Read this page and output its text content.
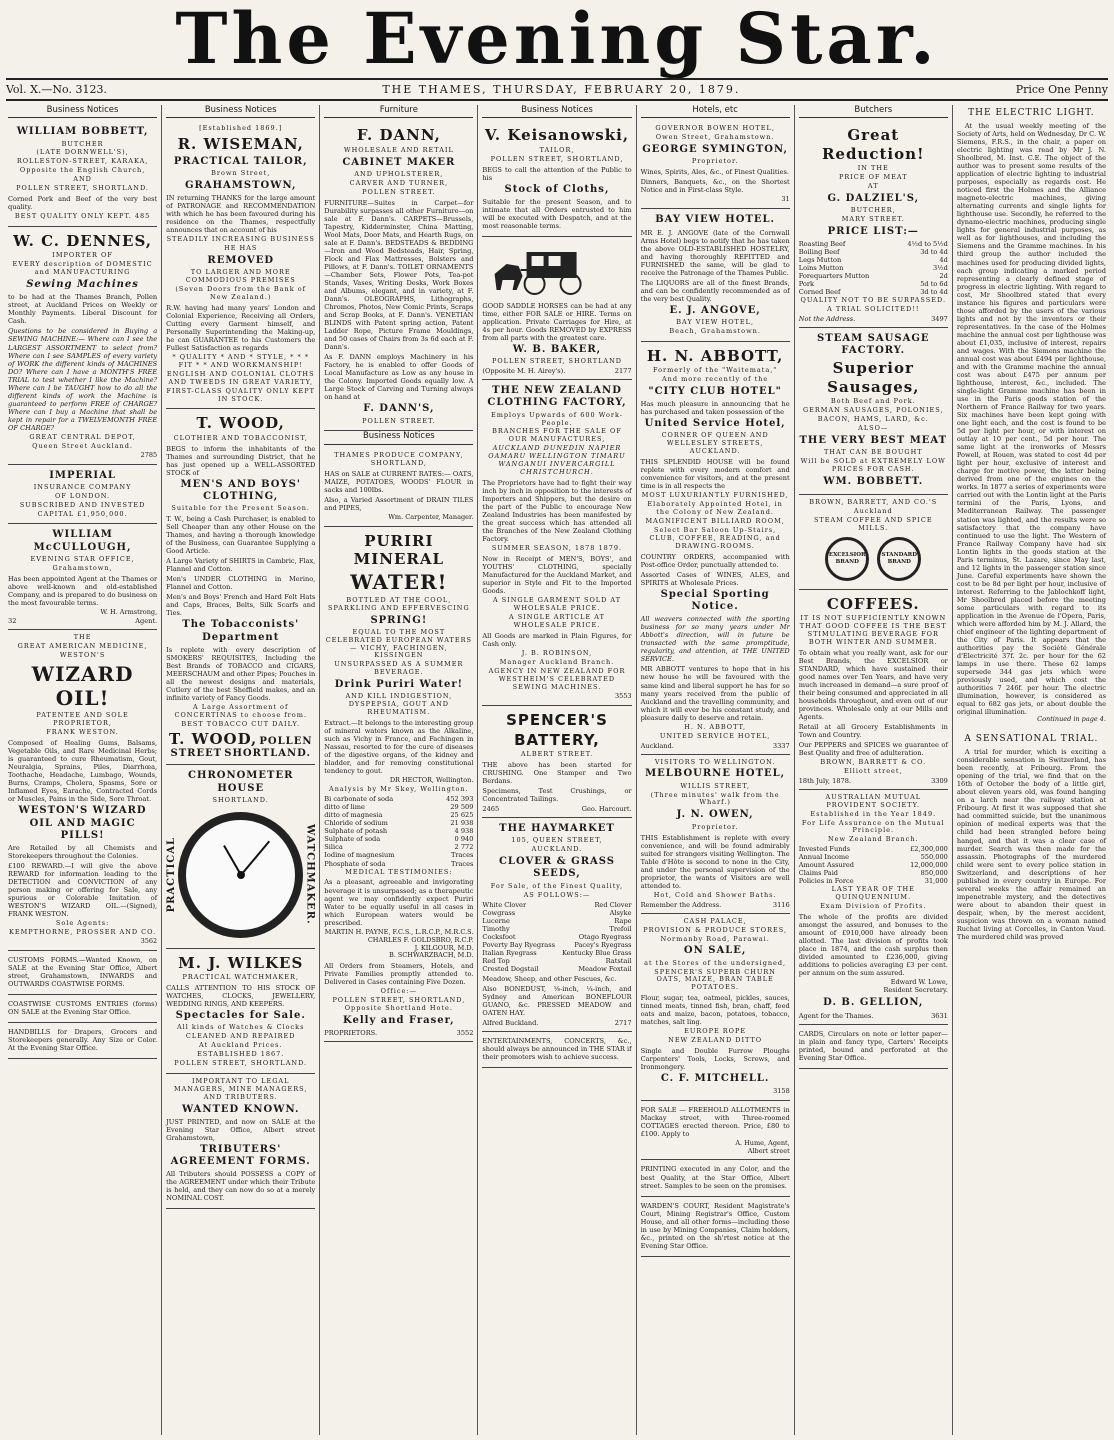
The Evening Star.
Vol. X.—No. 3123.	THE THAMES, THURSDAY, FEBRUARY 20, 1879.	Price One Penny
Business Notices
WILLIAM BOBBETT,
BUTCHER
(LATE DORNWELL'S),
ROLLESTON-STREET, KARAKA,
Opposite the English Church,
AND
POLLEN STREET, SHORTLAND.
Corned Pork and Beef of the very best quality.
BEST QUALITY ONLY KEPT. 485
W. C. DENNES,
IMPORTER OF
EVERY description of DOMESTIC and MANUFACTURING
Sewing Machines
to be had at the Thames Branch, Pollen street, at Auckland Prices on Weekly or Monthly Payments. Liberal Discount for Cash.
Questions to be considered in Buying a SEWING MACHINE:— Where can I see the LARGEST ASSORTMENT to select from? Where can I see SAMPLES of every variety of WORK the different kinds of MACHINES DO? Where can I have a MONTH'S FREE TRIAL to test whether I like the Machine? Where can I be TAUGHT how to do all the different kinds of work the Machine is guaranteed to perform FREE of CHARGE? Where can I buy a Machine that shall be kept in repair for a TWELVEMONTH FREE OF CHARGE?
GREAT CENTRAL DEPOT,
Queen Street Auckland.
2785
IMPERIAL
INSURANCE COMPANY
OF LONDON.
SUBSCRIBED AND INVESTED
CAPITAL £1,950,000.
WILLIAM McCULLOUGH,
EVENING STAR OFFICE,
Grahamstown,
Has been appointed Agent at the Thames or above well-known and old-established Company, and is prepared to do business on the most favourable terms.
W. H. Armstrong,
32	Agent.
THE
GREAT AMERICAN MEDICINE,
WESTON'S
WIZARD OIL!
PATENTEE AND SOLE PROPRIETOR,
FRANK WESTON.
Composed of Healing Gums, Balsams, Vegetable Oils, and Rare Medicinal Herbs; is guaranteed to cure Rheumatism, Gout, Neuralgia, Sprains, Piles, Diarrhœa, Toothache, Headache, Lumbago, Wounds, Burns, Cramps, Cholera, Spasms, Sore or Inflamed Eyes, Earache, Contracted Cords or Muscles, Pains in the Side, Sore Throat.
WESTON'S WIZARD OIL AND MAGIC PILLS!
Are Retailed by all Chemists and Storekeepers throughout the Colonies.
£100 REWARD.—I will give the above REWARD for information leading to the DETECTION and CONVICTION of any person making or offering for Sale, any spurious or Colorable Imitation of WESTON'S WIZARD OIL.—(Signed), FRANK WESTON.
Sole Agents:
KEMPTHORNE, PROSSER AND CO.
3562
CUSTOMS FORMS.—Wanted Known, on SALE at the Evening Star Office, Albert street, Grahamstown, INWARDS and OUTWARDS COASTWISE FORMS.
COASTWISE CUSTOMS ENTRIES (forms) ON SALE at the Evening Star Office.
HANDBILLS for Drapers, Grocers and Storekeepers generally. Any Size or Color. At the Evening Star Office.
Business Notices
[Established 1869.]
R. WISEMAN,
PRACTICAL TAILOR,
Brown Street,
GRAHAMSTOWN,
IN returning THANKS for the large amount of PATRONAGE and RECOMMENDATION with which he has been favoured during his residence on the Thames, respectfully announces that on account of his
STEADILY INCREASING BUSINESS
HE HAS
REMOVED
TO LARGER AND MORE COMMODIOUS PREMISES
(Seven Doors from the Bank of New Zealand.)
R.W. having had many years' London and Colonial Experience, Receiving all Orders, Cutting every Garment himself, and Personally Superintending the Making-up, he can GUARANTEE to his Customers the Fullest Satisfaction as regards
* QUALITY * AND * STYLE, * * * FIT * * AND WORKMANSHIP!
ENGLISH AND COLONIAL CLOTHS AND TWEEDS IN GREAT VARIETY,
FIRST-CLASS QUALITY ONLY KEPT IN STOCK.
T. WOOD,
CLOTHIER AND TOBACCONIST,
BEGS to inform the inhabitants of the Thames and surrounding District, that he has just opened up a WELL-ASSORTED STOCK of
MEN'S AND BOYS' CLOTHING,
Suitable for the Present Season.
T. W., being a Cash Purchaser, is enabled to Sell Cheaper than any other House on the Thames, and having a thorough knowledge of the Business, can Guarantee Supplying a Good Article.
A Large Variety of SHIRTS in Cambric, Flax, Flannel and Cotton.
Men's UNDER CLOTHING in Merino, Flannel and Cotton.
Men's and Boys' French and Hard Felt Hats and Caps, Braces, Belts, Silk Scarfs and Ties.
The Tobacconists' Department
Is replete with every description of SMOKERS' REQUISITES, Including the Best Brands of TOBACCO and CIGARS, MEERSCHAUM and other Pipes; Pouches in all the newest designs and materials, Cutlery of the best Sheffield makes, and an infinite variety of Fancy Goods.
A Large Assortment of CONCERTINAS to choose from.
BEST TOBACCO CUT DAILY.
T. WOOD, POLLEN STREET SHORTLAND.
CHRONOMETER HOUSE
SHORTLAND.
PRACTICAL	WATCHMAKER.
M. J. WILKES
PRACTICAL WATCHMAKER,
CALLS ATTENTION TO HIS STOCK OF WATCHES, CLOCKS, JEWELLERY, WEDDING RINGS, AND KEEPERS.
Spectacles for Sale.
All kinds of Watches & Clocks
CLEANED AND REPAIRED
At Auckland Prices.
ESTABLISHED 1867.
POLLEN STREET, SHORTLAND.
IMPORTANT TO LEGAL MANAGERS, MINE MANAGERS, AND TRIBUTERS.
WANTED KNOWN.
JUST PRINTED, and now on SALE at the Evening Star Office, Albert street Grahamstown,
TRIBUTERS' AGREEMENT FORMS.
All Tributers should POSSESS a COPY of the AGREEMENT under which their Tribute is held, and they can now do so at a merely NOMINAL COST.
Furniture
F. DANN,
WHOLESALE AND RETAIL
CABINET MAKER
AND UPHOLSTERER,
CARVER AND TURNER,
POLLEN STREET.
FURNITURE—Suites in Carpet—for Durability surpasses all other Furniture—on sale at F. Dann's. CARPETS—Brussels, Tapestry, Kidderminster, China Matting, Wool Mats, Door Mats, and Hearth Rugs, on sale at F. Dann's. BEDSTEADS & BEDDING—Iron and Wood Bedsteads, Hair, Spring, Flock and Flax Mattresses, Bolsters and Pillows, at F. Dann's. TOILET ORNAMENTS—Chamber Sets, Flower Pots, Tea-pot Stands, Vases, Writing Desks, Work Boxes and Albums, elegant, and in variety, at F. Dann's. OLEOGRAPHS, Lithographs, Chromos, Photos, New Comic Prints, Scraps and Scrap Books, at F. Dann's. VENETIAN BLINDS with Patent spring action, Patent Ladder Rope, Picture Frame Mouldings, and 50 cases of Chairs from 3s 6d each at F. Dann's.
As F. DANN employs Machinery in his Factory, he is enabled to offer Goods of Local Manufacture as Low as any house in the Colony. Imported Goods equally low. A Large Stock of Carving and Turning always on hand at
F. DANN'S,
POLLEN STREET.
Business Notices
THAMES PRODUCE COMPANY, SHORTLAND,
HAS on SALE at CURRENT RATES:— OATS, MAIZE, POTATOES, WOODS' FLOUR in sacks and 100lbs.
Also, a Varied Assortment of DRAIN TILES and PIPES,
Wm. Carpenter, Manager.
PURIRI MINERAL
WATER!
BOTTLED AT THE COOL, SPARKLING AND EFFERVESCING
SPRING!
EQUAL TO THE MOST CELEBRATED EUROPEAN WATERS— VICHY, FACHINGEN, KISSINGEN
UNSURPASSED AS A SUMMER BEVERAGE.
Drink Puriri Water!
AND KILL INDIGESTION, DYSPEPSIA, GOUT AND RHEUMATISM.
Extract.—It belongs to the interesting group of mineral waters known as the Alkaline, such as Vichy in France, and Fachingen in Nassau, resorted to for the cure of diseases of the digestive organs, of the kidney and bladder, and for removing constitutional tendency to gout.
DR HECTOR, Wellington.
Analysis by Mr Skey, Wellington.
Bi carbonate of soda	452 393
ditto of lime	29 509
ditto of magnesia	25 625
Chloride of sodium	21 938
Sulphate of potash	4 938
Sulphate of soda	0 940
Silica	2 772
Iodine of magnesium	Traces
Phosphate of soda	Traces
MEDICAL TESTIMONIES:
As a pleasant, agreeable and invigorating beverage it is unsurpassed; as a therapeutic agent we may confidently expect Puriri Water to be equally useful in all cases in which European waters would be prescribed.
MARTIN H. PAYNE, F.C.S., L.R.C.P., M.R.C.S.
CHARLES F. GOLDSBRO, R.C.P.
J. KILGOUR, M.D.
B. SCHWARZBACH, M.D.
All Orders from Steamers, Hotels, and Private Families promptly attended to. Delivered in Cases containing Five Dozen.
Office:—
POLLEN STREET, SHORTLAND, Opposite Shortland Hote.
Kelly and Fraser,
PROPRIETORS.	3552
Business Notices
V. Keisanowski,
TAILOR,
POLLEN STREET, SHORTLAND,
BEGS to call the attention of the Public to his
Stock of Cloths,
Suitable for the present Season, and to intimate that all Orders entrusted to him will be executed with Despatch, and at the most reasonable terms.
GOOD SADDLE HORSES can be had at any time, either FOR SALE or HIRE. Terms on application. Private Carriages for Hire, at 4s per hour. Goods REMOVED by EXPRESS from all parts with the greatest care.
W. B. BAKER,
POLLEN STREET, SHORTLAND
(Opposite M. H. Airey's).	2177
THE NEW ZEALAND CLOTHING FACTORY,
Employs Upwards of 600 Work-People.
BRANCHES FOR THE SALE OF OUR MANUFACTURES,
AUCKLAND DUNEDIN NAPIER OAMARU WELLINGTON TIMARU WANGANUI INVERCARGILL CHRISTCHURCH.
The Proprietors have had to fight their way inch by inch in opposition to the interests of Importers and Shippers, but the desire on the part of the Public to encourage New Zealand Industries has been manifested by the great success which has attended all the Branches of the New Zealand Clothing Factory.
SUMMER SEASON, 1878 1879.
Now in Receipt of MEN'S, BOYS', and YOUTHS' CLOTHING, specially Manufactured for the Auckland Market, and superior in Style and Fit to the Imported Goods.
A SINGLE GARMENT SOLD AT WHOLESALE PRICE.
A SINGLE ARTICLE AT WHOLESALE PRICE.
All Goods are marked in Plain Figures, for Cash only.
J. B. ROBINSON,
Manager Auckland Branch.
AGENCY IN NEW ZEALAND FOR WESTHEIM'S CELEBRATED SEWING MACHINES.
3553
SPENCER'S
BATTERY,
ALBERT STREET.
THE above has been started for CRUSHING. One Stamper and Two Berdans.
Specimens, Test Crushings, or Concentrated Tailings.
2465	Geo. Harcourt.
THE HAYMARKET
105, QUEEN STREET,
AUCKLAND.
CLOVER & GRASS SEEDS,
For Sale, of the Finest Quality,
AS FOLLOWS:—
White Clover	Red Clover
Cowgrass	Alsyke
Lucerne	Rape
Timothy	Trefoil
Cocksfoot	Otago Ryegrass
Poverty Bay Ryegrass	Pacey's Ryegrass
Italian Ryegrass	Kentucky Blue Grass
Red Top	Ratstail
Crested Dogstail	Meadow Foxtail
Meadow, Sheep, and other Fescues, &c.
Also BONEDUST, ⅛-inch, ¼-inch, and Sydney and American BONEFLOUR GUANO, &c. PRESSED MEADOW and OATEN HAY.
Alfred Buckland.	2717
ENTERTAINMENTS, CONCERTS, &c., should always be announced in THE STAR if their promoters wish to achieve success.
Hotels, etc
GOVERNOR BOWEN HOTEL,
Owen Street, Grahamstown.
GEORGE SYMINGTON,
Proprietor.
Wines, Spirits, Ales, &c., of Finest Qualities.
Dinners, Banquets, &c., on the Shortest Notice and in First-class Style.
31
BAY VIEW HOTEL.
MR E. J. ANGOVE (late of the Cornwall Arms Hotel) begs to notify that he has taken the above OLD-ESTABLISHED HOSTELRY, and having thoroughly REFITTED and FURNISHED the same, will be glad to receive the Patronage of the Thames Public.
The LIQUORS are all of the finest Brands, and can be confidently recommended as of the very best Quality.
E. J. ANGOVE,
BAY VIEW HOTEL,
Beach, Grahamstown.
H. N. ABBOTT,
Formerly of the "Waitemata,"
And more recently of the
"CITY CLUB HOTEL"
Has much pleasure in announcing that he has purchased and taken possession of the
United Service Hotel,
CORNER OF QUEEN AND WELLESLEY STREETS, AUCKLAND.
THIS SPLENDID HOUSE will be found replete with every modern comfort and convenience for visitors, and at the present time is in all respects the
MOST LUXURIANTLY FURNISHED,
Elaborately Appointed Hotel, in the Colony of New Zealand.
MAGNIFICENT BILLIARD ROOM,
Select Bar Saloon Up-Stairs, CLUB, COFFEE, READING, and DRAWING-ROOMS.
COUNTRY ORDERS, accompanied with Post-office Order, punctually attended to.
Assorted Cases of WINES, ALES, and SPIRITS at Wholesale Prices.
Special Sporting Notice.
All weavers connected with the sporting business for so many years under Mr Abbott's direction, will in future be transacted with the same promptitude, regularity, and attention, at THE UNITED SERVICE.
MR ABBOTT ventures to hope that in his new house he will be favoured with the same kind and liberal support he has for so many years received from the public of Auckland and the travelling community, and which it will ever be his constant study, and pleasure daily to deserve and retain.
H. N. ABBOTT,
UNITED SERVICE HOTEL,
Auckland.	3337
VISITORS TO WELLINGTON.
MELBOURNE HOTEL,
WILLIS STREET,
(Three minutes' walk from the Wharf.)
J. N. OWEN,
Proprietor.
THIS Establishment is replete with every convenience, and will be found admirably suited for strangers visiting Wellington. The Table d'Hôte is second to none in the City, and under the personal supervision of the proprietor, the wants of Visitors are well attended to.
Hot, Cold and Shower Baths.
Remember the Address.	3116
CASH PALACE,
PROVISION & PRODUCE STORES,
Normanby Road, Parawai.
ON SALE,
at the Stores of the undersigned,
SPENCER'S SUPERB CHURN OATS, MAIZE, BRAN TABLE POTATOES.
Flour, sugar, tea, oatmeal, pickles, sauces, tinned meats, tinned fish, bran, chaff, feed oats and maize, bacon, potatoes, tobacco, matches, salt ling.
EUROPE ROPE
NEW ZEALAND DITTO
Single and Double Furrow Ploughs Carpenters' Tools, Locks, Screws, and Ironmongery.
C. F. MITCHELL.
3158
FOR SALE — FREEHOLD ALLOTMENTS in Mackay street, with Three-roomed COTTAGES erected thereon. Price, £80 to £100. Apply to
A. Hume, Agent,
Albert street
PRINTING executed in any Color, and the best Quality, at the Star Office, Albert street. Samples to be seen on the premises.
WARDEN'S COURT, Resident Magistrate's Court, Mining Registrar's Office, Custom House, and all other forms—including those in use by Mining Companies, Claim holders, &c., printed on the sh'rtest notice at the Evening Star Office.
Butchers
Great Reduction!
IN THE
PRICE OF MEAT
AT
G. DALZIEL'S,
BUTCHER,
MARY STREET.
PRICE LIST:—
Roasting Beef	4½d to 5½d
Boiling Beef	3d to 4d
Legs Mutton	4d
Loins Mutton	3½d
Forequarters Mutton	2d
Pork	5d to 6d
Corned Beef	3d to 4d
QUALITY NOT TO BE SURPASSED.
A TRIAL SOLICITED!!
Not the Address.	3497
STEAM SAUSAGE FACTORY.
Superior Sausages,
Both Beef and Pork.
GERMAN SAUSAGES, POLONIES,
BACON, HAMS, LARD, &c.
ALSO—
THE VERY BEST MEAT
THAT CAN BE BOUGHT
Will be SOLD at EXTREMELY LOW PRICES FOR CASH.
WM. BOBBETT.
BROWN, BARRETT, AND CO.'S
Auckland
STEAM COFFEE AND SPICE MILLS.
EXCELSIOR BRAND
STANDARD BRAND
COFFEES.
IT IS NOT SUFFICIENTLY KNOWN THAT GOOD COFFEE IS THE BEST STIMULATING BEVERAGE FOR BOTH WINTER AND SUMMER.
To obtain what you really want, ask for our Best Brands, the EXCELSIOR or STANDARD, which have sustained their good names over Ten Years, and have very much increased in demand—a sure proof of their being consumed and appreciated in all households throughout, and even out of our provinces. Wholesale only at our Mills and Agents.
Retail at all Grocery Establishments in Town and Country.
Our PEPPERS and SPICES we guarantee of Best Quality and free of adulteration.
BROWN, BARRETT & CO.
Elliott street,
18th July, 1878.	3309
AUSTRALIAN MUTUAL PROVIDENT SOCIETY.
Established in the Year 1849.
For Life Assurance on the Mutual Principle.
New Zealand Branch.
Invested Funds	£2,300,000
Annual Income	550,000
Amount Assured	12,000,000
Claims Paid	850,000
Policies in Force	31,000
LAST YEAR OF THE QUINQUENNIUM.
Exam Division of Profits.
The whole of the profits are divided amongst the assured, and bonuses to the amount of £910,000 have already been allotted. The last division of profits took place in 1874, and the cash surplus then divided amounted to £236,000, giving additions to policies averaging £3 per cent. per annum on the sum assured.
Edward W. Lowe,
Resident Secretary.
D. B. GELLION,
Agent for the Thames.	3631
CARDS, Circulars on note or letter paper—in plain and fancy type, Carters' Receipts printed, bound and perforated at the Evening Star Office.
THE ELECTRIC LIGHT.
At the usual weekly meeting of the Society of Arts, held on Wednesday, Dr C. W. Siemens, F.R.S., in the chair, a paper on electric lighting was read by Mr J. N. Shoolbred, M. Inst. C.E. The object of the author was to present some results of the application of electric lighting to industrial purposes, especially as regards cost. He noticed first the Holmes and the Alliance magneto-electric machines, giving alternating currents and single lights for lighthouse use. Secondly, he referred to the dynamo-electric machines, producing single lights for general industrial purposes, as well as for lighthouses, and including the Siemens and the Gramme machines. In his third group the author included the machines used for producing divided lights, each group indicating a marked period representing a clearly defined stage of progress in electric lighting. With regard to cost, Mr Shoolbred stated that every instance his figures and particulars were those afforded by the users of the various lights and not by the inventors or their representatives. In the case of the Holmes machine the annual cost per lighthouse was about £1,035, inclusive of interest, repairs and wages. With the Siemens machine the annual cost was about £494 per lighthouse, and with the Gramme machine the annual cost was about £475 per annum per lighthouse, interest, &c., included. The single-light Gramme machine has been in use in the Paris goods station of the Northern of France Railway for two years. Six machines have been kept going with one light each, and the cost is found to be 5d per light per hour, or with interest on outlay at 10 per cent., 5d per hour. The same light at the ironworks of Messrs Powell, at Rouen, was stated to cost 4d per light per hour, exclusive of interest and charge for motive power, the latter being derived from one of the engines on the works. In 1877 a series of experiments were carried out with the Lontin light at the Paris termini of the Paris, Lyons, and Mediterranean Railway. The passenger station was lighted, and the results were so satisfactory that the company have continued to use the light. The Western of France Railway Company have had six Lontin lights in the goods station at the Paris terminus, St. Lazare, since May last, and 12 lights in the passenger station since June. Careful experiments have shown the cost to be 8d per light per hour, inclusive of interest. Referring to the Jablochkoff light, Mr Shoolbred placed before the meeting some particulars with regard to its application in the Avenue de l'Opera, Paris, which were afforded him by M. J. Allard, the chief engineer of the lighting department of the City of Paris. It appears that the authorities pay the Société Générale d'Electricité 37f. 2c. per hour for the 62 lamps in use there. These 62 lamps supersede 344 gas jets which were previously used, and which cost the authorities 7 246f. per hour. The electric illumination, however, is considered as equal to 682 gas jets, or about double the original illumination.
Continued in page 4.
A SENSATIONAL TRIAL.
A trial for murder, which is exciting a considerable sensation in Switzerland, has been recently, at Fribourg. From the opening of the trial, we find that on the 16th of October the body of a little girl, about eleven years old, was found hanging on a larch near the railway station at Fribourg. At first it was supposed that she had committed suicide, but the unanimous opinion of medical experts was that the child had been strangled before being hanged, and that it was a clear case of murder. Search was then made for the assassin. Photographs of the murdered child were sent to every police station in Switzerland, and descriptions of her published in every country in Europe. For several weeks the affair remained an impenetrable mystery, and the detectives were about to abandon their quest in despair, when, by the merest accident, suspicion was thrown on a woman named Ruchat living at Corcelles, in Canton Vaud. The murdered child was proved
